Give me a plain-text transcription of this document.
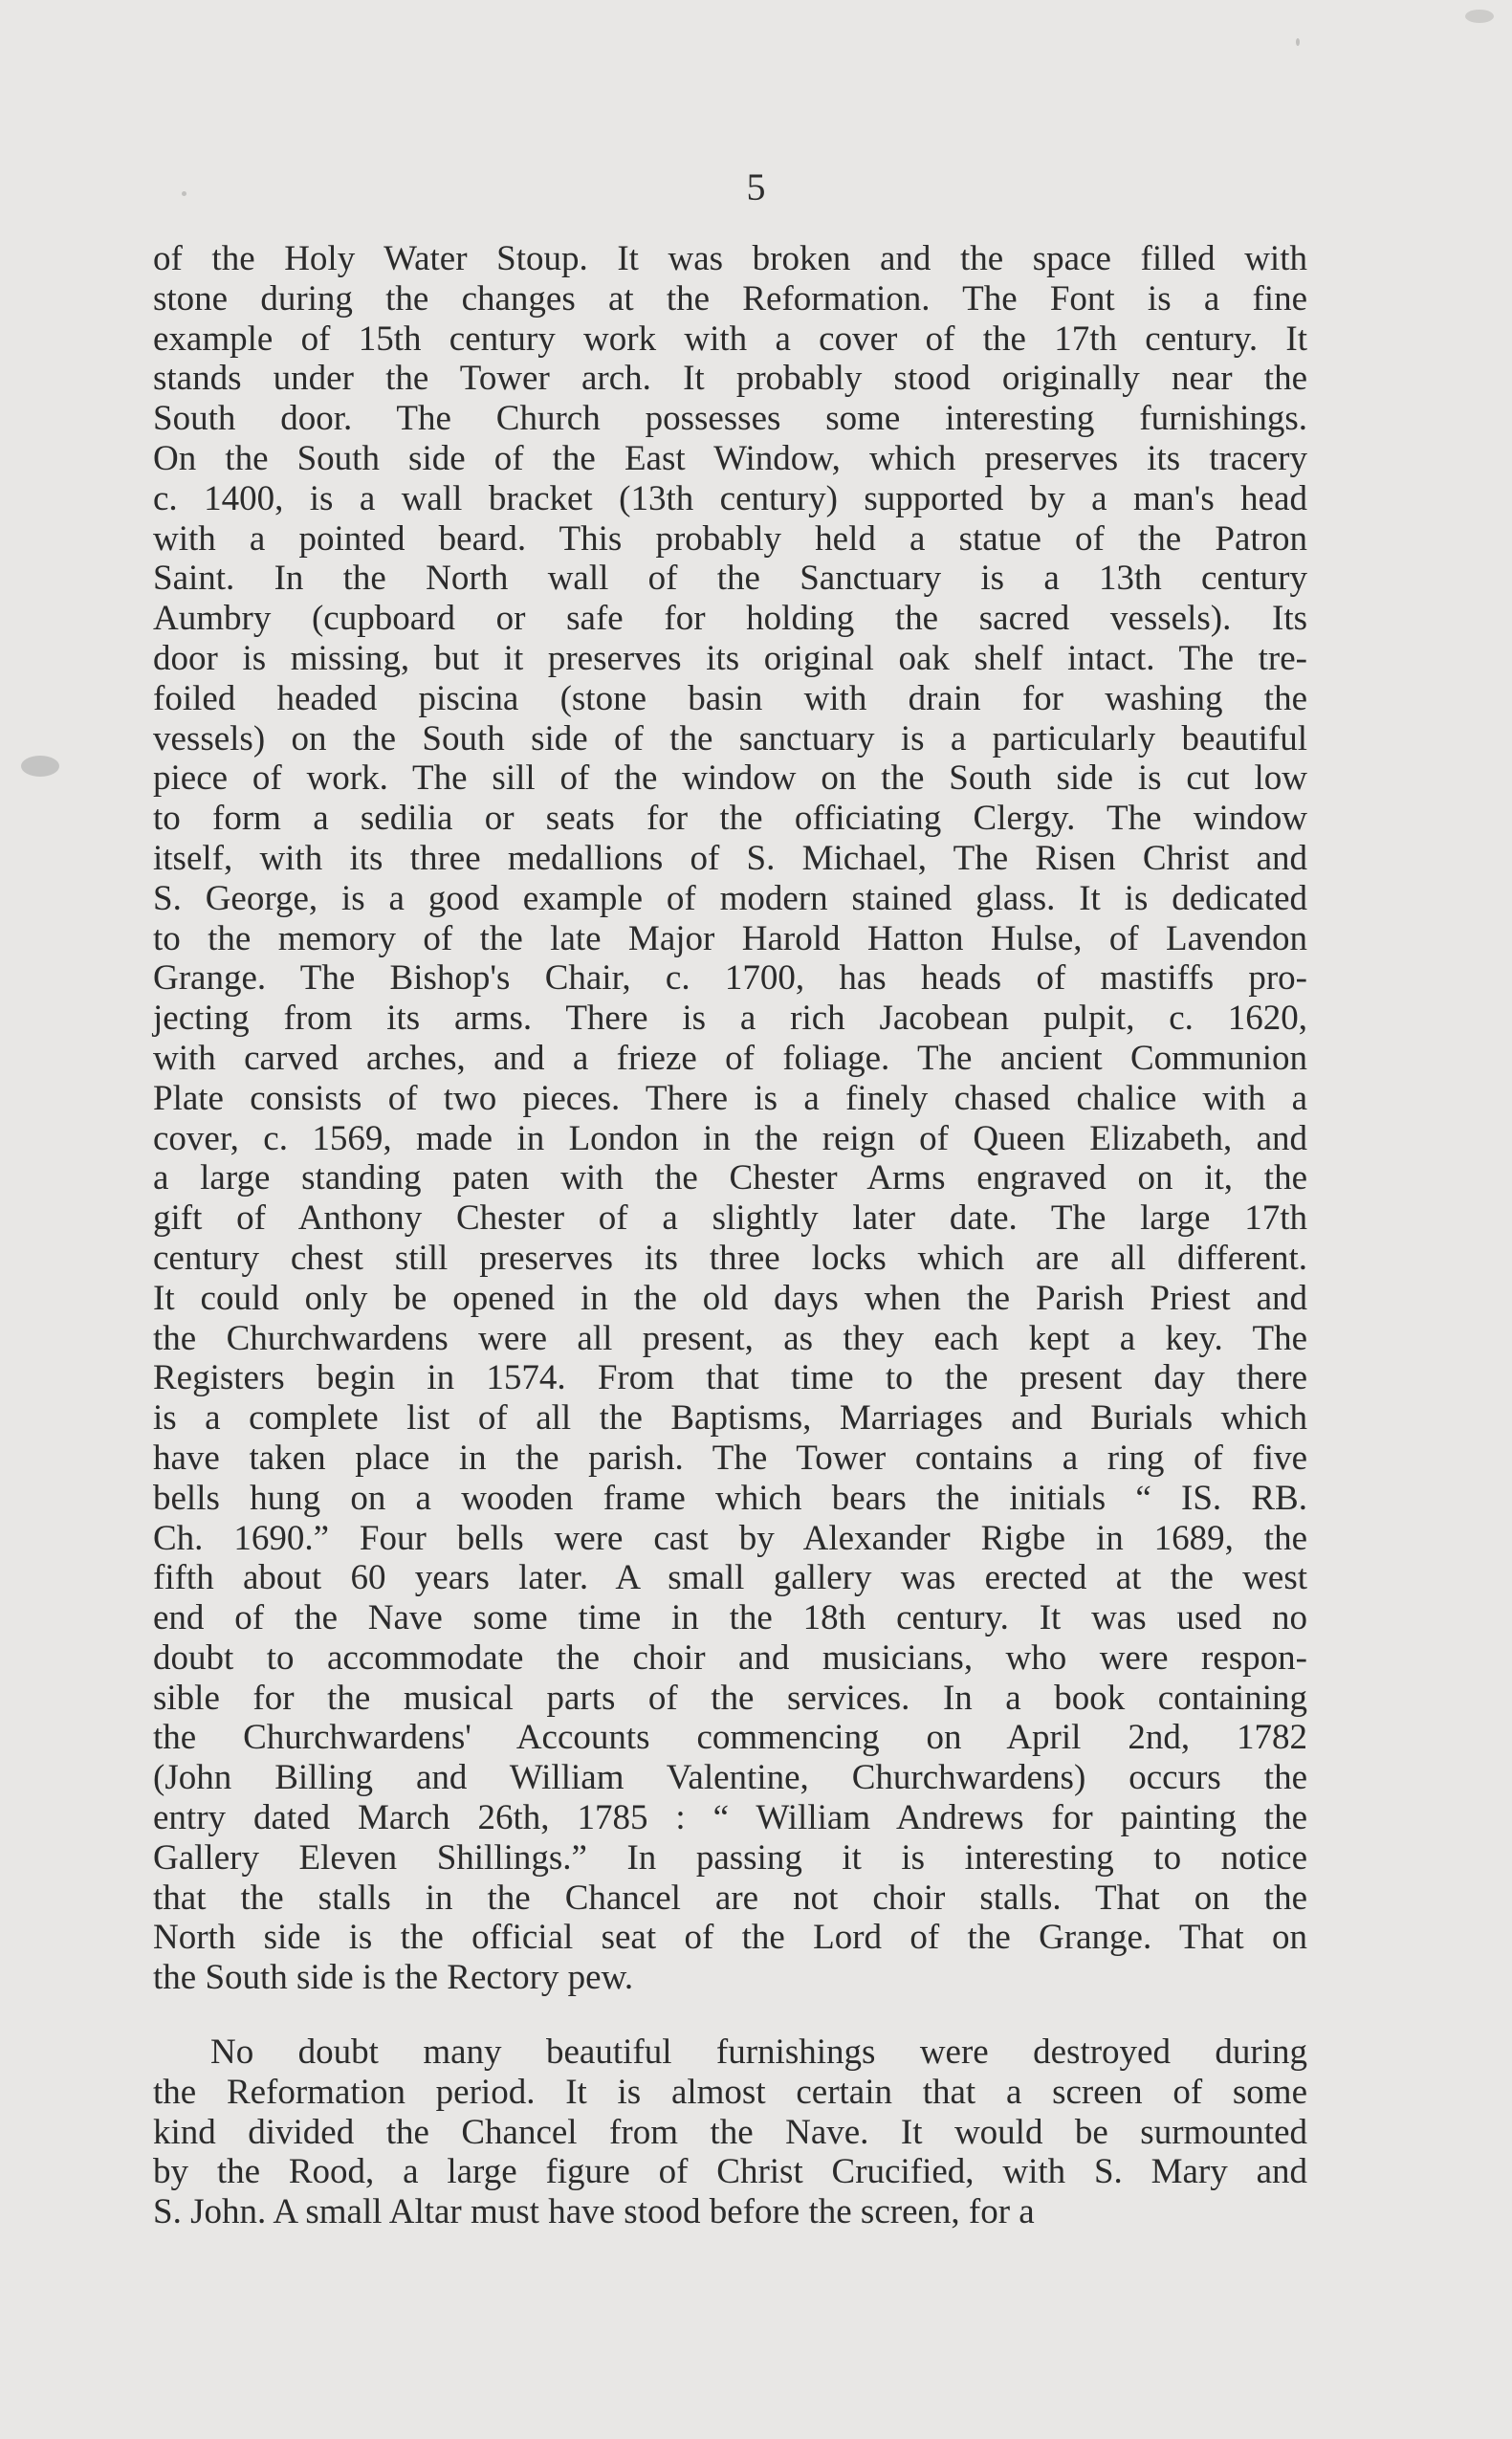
5

of the Holy Water Stoup. It was broken and the space filled with
stone during the changes at the Reformation. The Font is a fine
example of 15th century work with a cover of the 17th century. It
stands under the Tower arch. It probably stood originally near the
South door. The Church possesses some interesting furnishings.
On the South side of the East Window, which preserves its tracery
c. 1400, is a wall bracket (13th century) supported by a man's head
with a pointed beard. This probably held a statue of the Patron
Saint. In the North wall of the Sanctuary is a 13th century
Aumbry (cupboard or safe for holding the sacred vessels). Its
door is missing, but it preserves its original oak shelf intact. The tre-
foiled headed piscina (stone basin with drain for washing the
vessels) on the South side of the sanctuary is a particularly beautiful
piece of work. The sill of the window on the South side is cut low
to form a sedilia or seats for the officiating Clergy. The window
itself, with its three medallions of S. Michael, The Risen Christ and
S. George, is a good example of modern stained glass. It is dedicated
to the memory of the late Major Harold Hatton Hulse, of Lavendon
Grange. The Bishop's Chair, c. 1700, has heads of mastiffs pro-
jecting from its arms. There is a rich Jacobean pulpit, c. 1620,
with carved arches, and a frieze of foliage. The ancient Communion
Plate consists of two pieces. There is a finely chased chalice with a
cover, c. 1569, made in London in the reign of Queen Elizabeth, and
a large standing paten with the Chester Arms engraved on it, the
gift of Anthony Chester of a slightly later date. The large 17th
century chest still preserves its three locks which are all different.
It could only be opened in the old days when the Parish Priest and
the Churchwardens were all present, as they each kept a key. The
Registers begin in 1574. From that time to the present day there
is a complete list of all the Baptisms, Marriages and Burials which
have taken place in the parish. The Tower contains a ring of five
bells hung on a wooden frame which bears the initials “ IS. RB.
Ch. 1690.” Four bells were cast by Alexander Rigbe in 1689, the
fifth about 60 years later. A small gallery was erected at the west
end of the Nave some time in the 18th century. It was used no
doubt to accommodate the choir and musicians, who were respon-
sible for the musical parts of the services. In a book containing
the Churchwardens' Accounts commencing on April 2nd, 1782
(John Billing and William Valentine, Churchwardens) occurs the
entry dated March 26th, 1785 : “ William Andrews for painting the
Gallery Eleven Shillings.” In passing it is interesting to notice
that the stalls in the Chancel are not choir stalls. That on the
North side is the official seat of the Lord of the Grange. That on
the South side is the Rectory pew.

No doubt many beautiful furnishings were destroyed during
the Reformation period. It is almost certain that a screen of some
kind divided the Chancel from the Nave. It would be surmounted
by the Rood, a large figure of Christ Crucified, with S. Mary and
S. John. A small Altar must have stood before the screen, for a
